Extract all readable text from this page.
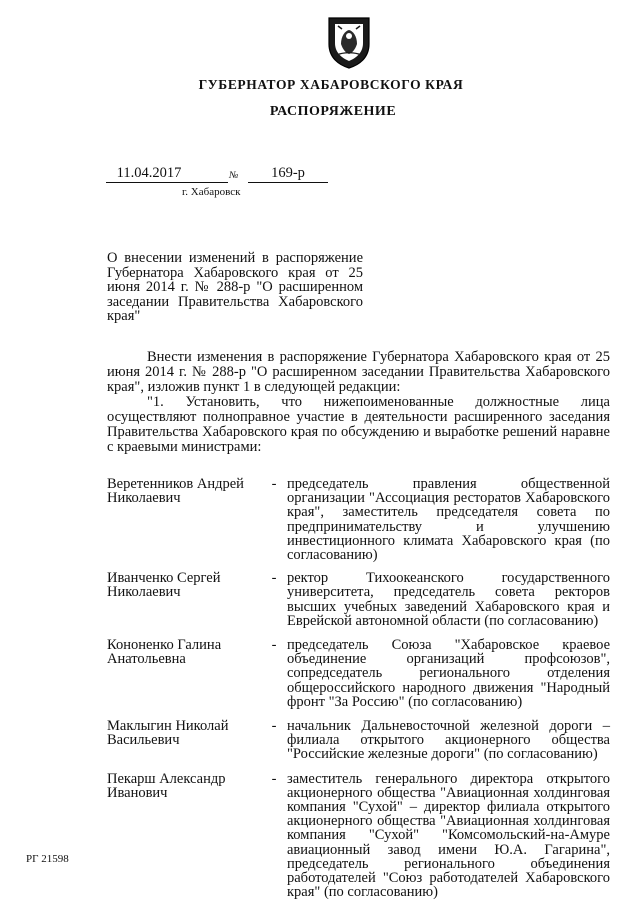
ГУБЕРНАТОР ХАБАРОВСКОГО КРАЯ
РАСПОРЯЖЕНИЕ
11.04.2017	№	169-р
г. Хабаровск
О внесении изменений в распоряжение Губернатора Хабаровского края от 25 июня 2014 г. № 288-р "О расширенном заседании Правительства Хабаровского края"

Внести изменения в распоряжение Губернатора Хабаровского края от 25 июня 2014 г. № 288-р "О расширенном заседании Правительства Хабаровского края", изложив пункт 1 в следующей редакции:

"1. Установить, что нижепоименованные должностные лица осуществляют полноправное участие в деятельности расширенного заседания Правительства Хабаровского края по обсуждению и выработке решений наравне с краевыми министрами:

Веретенников Андрей Николаевич
- председатель правления общественной организации "Ассоциация ресторатов Хабаровского края", заместитель председателя совета по предпринимательству и улучшению инвестиционного климата Хабаровского края (по согласованию)
Иванченко Сергей Николаевич
- ректор Тихоокеанского государственного университета, председатель совета ректоров высших учебных заведений Хабаровского края и Еврейской автономной области (по согласованию)
Кононенко Галина Анатольевна
- председатель Союза "Хабаровское краевое объединение организаций профсоюзов", сопредседатель регионального отделения общероссийского народного движения "Народный фронт "За Россию" (по согласованию)
Маклыгин Николай Васильевич
- начальник Дальневосточной железной дороги – филиала открытого акционерного общества "Российские железные дороги" (по согласованию)
Пекарш Александр Иванович
- заместитель генерального директора открытого акционерного общества "Авиационная холдинговая компания "Сухой" – директор филиала открытого акционерного общества "Авиационная холдинговая компания "Сухой" "Комсомольский-на-Амуре авиационный завод имени Ю.А. Гагарина", председатель регионального объединения работодателей "Союз работодателей Хабаровского края" (по согласованию)
РГ 21598
